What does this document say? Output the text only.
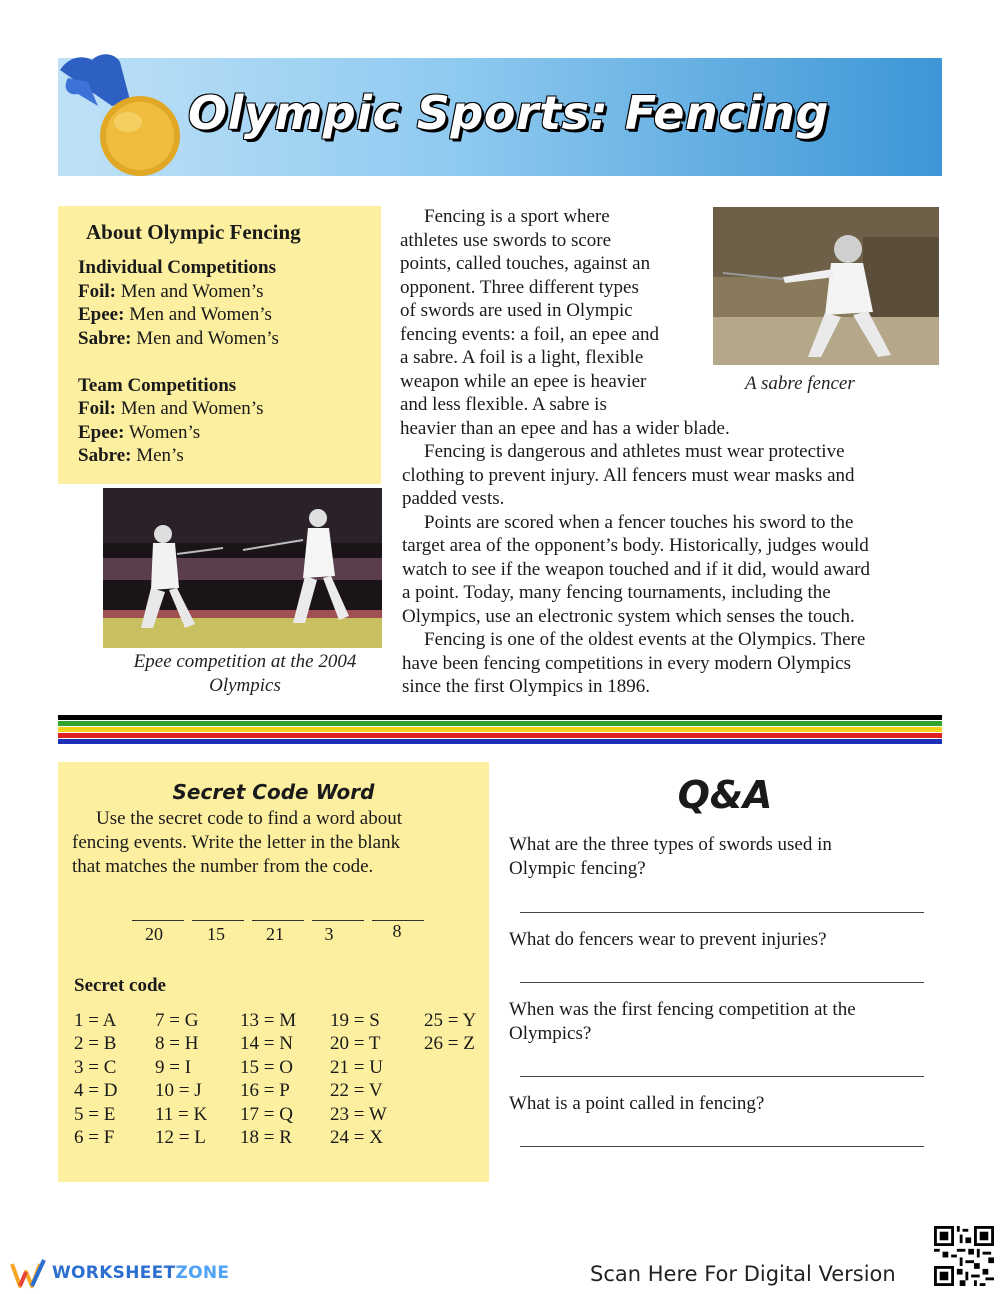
Olympic Sports: Fencing
About Olympic Fencing
Individual Competitions
Foil: Men and Women’s
Epee: Men and Women’s
Sabre: Men and Women’s
Team Competitions
Foil: Men and Women’s
Epee: Women’s
Sabre: Men’s
A sabre fencer
Epee competition at the 2004
Olympics
Fencing is a sport where
athletes use swords to score
points, called touches, against an
opponent. Three different types
of swords are used in Olympic
fencing events: a foil, an epee and
a sabre. A foil is a light, flexible
weapon while an epee is heavier
and less flexible. A sabre is
heavier than an epee and has a wider blade.
Fencing is dangerous and athletes must wear protective
clothing to prevent injury. All fencers must wear masks and
padded vests.
Points are scored when a fencer touches his sword to the
target area of the opponent’s body. Historically, judges would
watch to see if the weapon touched and if it did, would award
a point. Today, many fencing tournaments, including the
Olympics, use an electronic system which senses the touch.
Fencing is one of the oldest events at the Olympics. There
have been fencing competitions in every modern Olympics
since the first Olympics in 1896.
Secret Code Word
Use the secret code to find a word about
fencing events. Write the letter in the blank
that matches the number from the code.
20	15	21	3	8
Secret code
1 = A
2 = B
3 = C
4 = D
5 = E
6 = F
7 = G
8 = H
9 = I
10 = J
11 = K
12 = L
13 = M
14 = N
15 = O
16 = P
17 = Q
18 = R
19 = S
20 = T
21 = U
22 = V
23 = W
24 = X
25 = Y
26 = Z
Q&A
What are the three types of swords used in
Olympic fencing?
What do fencers wear to prevent injuries?
When was the first fencing competition at the
Olympics?
What is a point called in fencing?
WORKSHEETZONE	Scan Here For Digital Version
